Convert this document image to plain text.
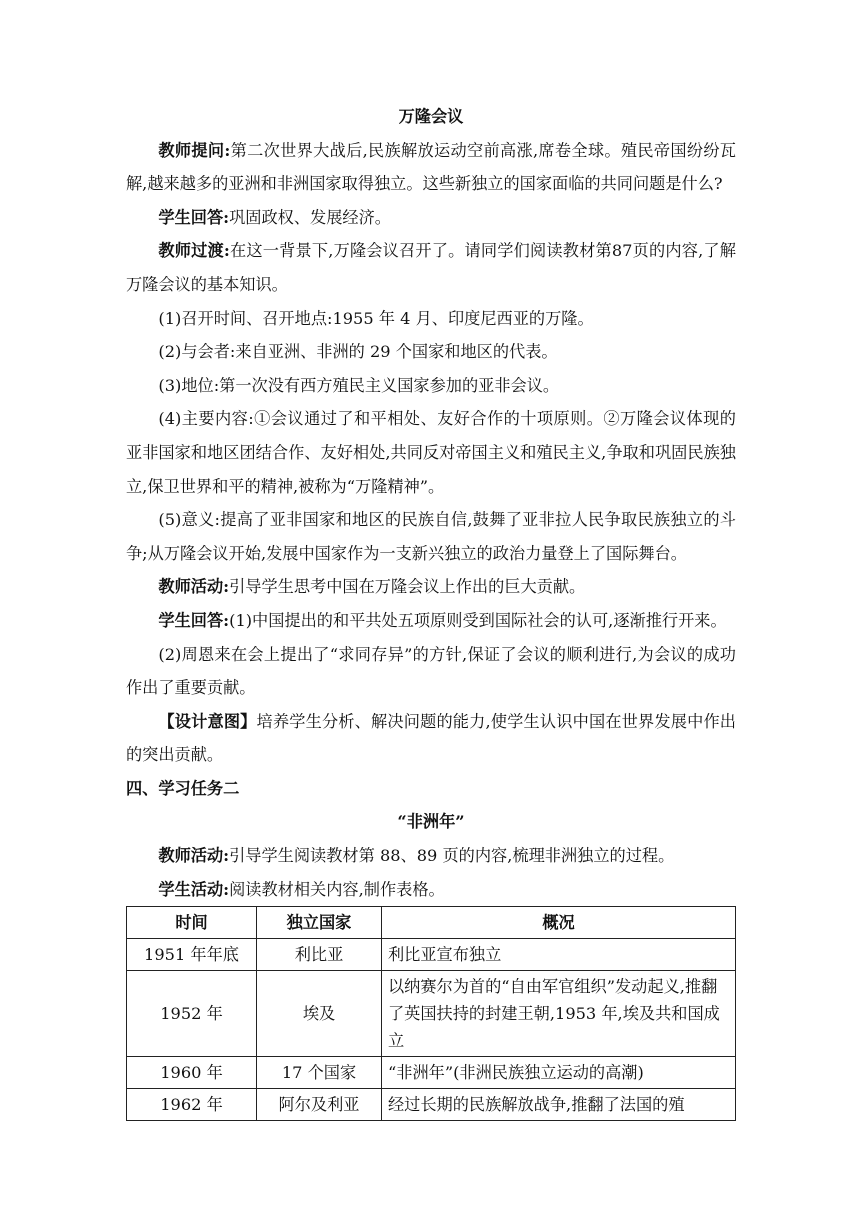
万隆会议

教师提问:第二次世界大战后,民族解放运动空前高涨,席卷全球。殖民帝国纷纷瓦解,越来越多的亚洲和非洲国家取得独立。这些新独立的国家面临的共同问题是什么?

学生回答:巩固政权、发展经济。

教师过渡:在这一背景下,万隆会议召开了。请同学们阅读教材第87页的内容,了解万隆会议的基本知识。

(1)召开时间、召开地点:1955 年 4 月、印度尼西亚的万隆。

(2)与会者:来自亚洲、非洲的 29 个国家和地区的代表。

(3)地位:第一次没有西方殖民主义国家参加的亚非会议。

(4)主要内容:①会议通过了和平相处、友好合作的十项原则。②万隆会议体现的亚非国家和地区团结合作、友好相处,共同反对帝国主义和殖民主义,争取和巩固民族独立,保卫世界和平的精神,被称为“万隆精神”。

(5)意义:提高了亚非国家和地区的民族自信,鼓舞了亚非拉人民争取民族独立的斗争;从万隆会议开始,发展中国家作为一支新兴独立的政治力量登上了国际舞台。

教师活动:引导学生思考中国在万隆会议上作出的巨大贡献。

学生回答:(1)中国提出的和平共处五项原则受到国际社会的认可,逐渐推行开来。

(2)周恩来在会上提出了“求同存异”的方针,保证了会议的顺利进行,为会议的成功作出了重要贡献。

【设计意图】培养学生分析、解决问题的能力,使学生认识中国在世界发展中作出的突出贡献。

四、学习任务二

“非洲年”

教师活动:引导学生阅读教材第 88、89 页的内容,梳理非洲独立的过程。

学生活动:阅读教材相关内容,制作表格。

时间	独立国家	概况
1951 年年底	利比亚	利比亚宣布独立
1952 年	埃及	以纳赛尔为首的“自由军官组织”发动起义,推翻了英国扶持的封建王朝,1953 年,埃及共和国成立
1960 年	17 个国家	“非洲年”(非洲民族独立运动的高潮)
1962 年	阿尔及利亚	经过长期的民族解放战争,推翻了法国的殖
